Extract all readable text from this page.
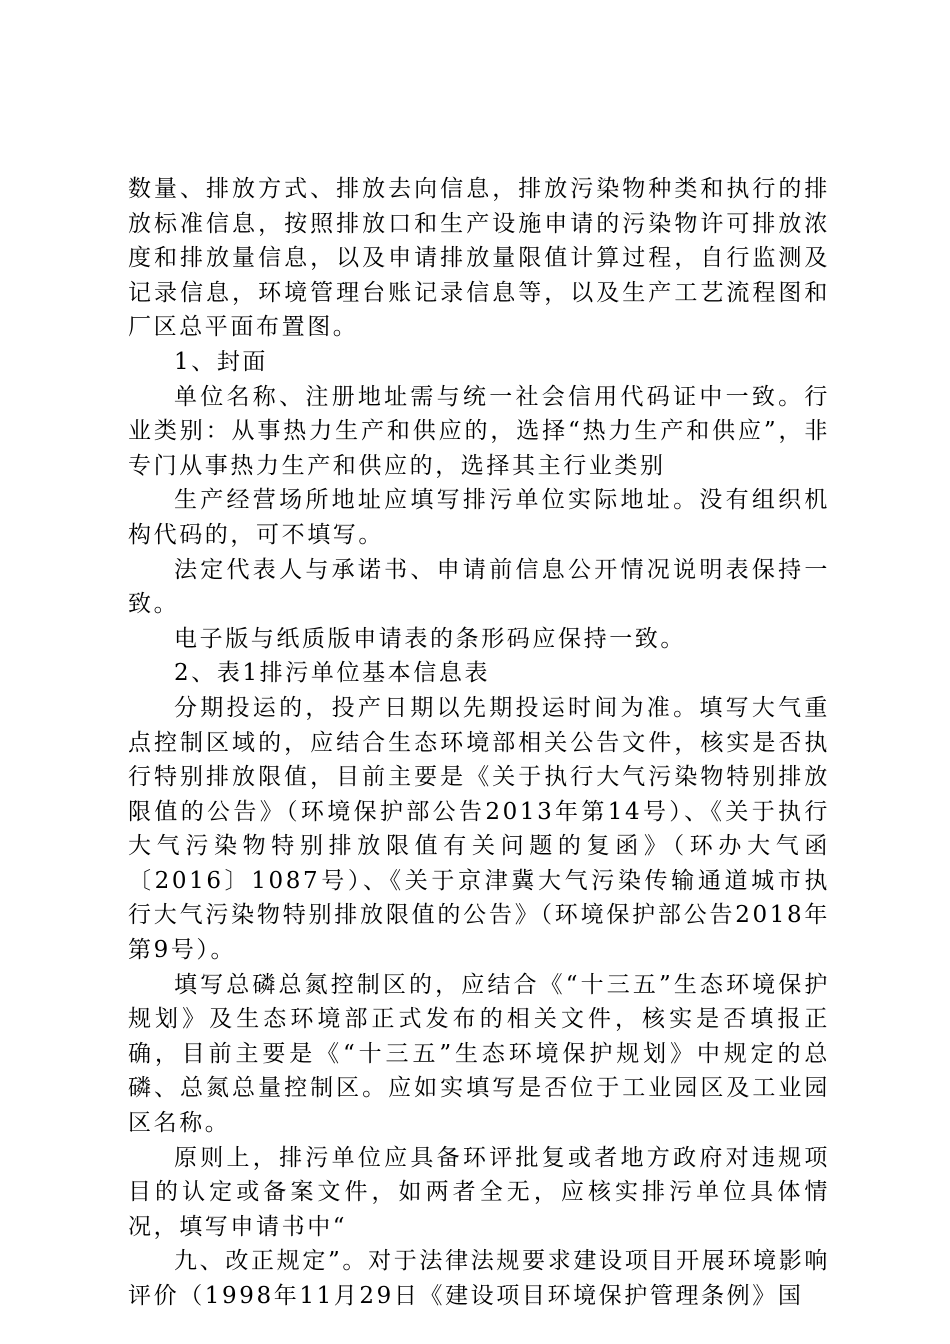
数量、排放方式、排放去向信息，排放污染物种类和执行的排放标准信息，按照排放口和生产设施申请的污染物许可排放浓度和排放量信息，以及申请排放量限值计算过程，自行监测及记录信息，环境管理台账记录信息等，以及生产工艺流程图和厂区总平面布置图。

1、封面

单位名称、注册地址需与统一社会信用代码证中一致。行业类别：从事热力生产和供应的，选择“热力生产和供应”，非专门从事热力生产和供应的，选择其主行业类别

生产经营场所地址应填写排污单位实际地址。没有组织机构代码的，可不填写。

法定代表人与承诺书、申请前信息公开情况说明表保持一致。

电子版与纸质版申请表的条形码应保持一致。

2、表1排污单位基本信息表

分期投运的，投产日期以先期投运时间为准。填写大气重点控制区域的，应结合生态环境部相关公告文件，核实是否执行特别排放限值，目前主要是《关于执行大气污染物特别排放限值的公告》（环境保护部公告2013年第14号）、《关于执行大气污染物特别排放限值有关问题的复函》（环办大气函〔2016〕1087号）、《关于京津冀大气污染传输通道城市执行大气污染物特别排放限值的公告》（环境保护部公告2018年第9号）。

填写总磷总氮控制区的，应结合《“十三五”生态环境保护规划》及生态环境部正式发布的相关文件，核实是否填报正确，目前主要是《“十三五”生态环境保护规划》中规定的总磷、总氮总量控制区。应如实填写是否位于工业园区及工业园区名称。

原则上，排污单位应具备环评批复或者地方政府对违规项目的认定或备案文件，如两者全无，应核实排污单位具体情况，填写申请书中“

九、改正规定”。对于法律法规要求建设项目开展环境影响评价（1998年11月29日《建设项目环境保护管理条例》国
